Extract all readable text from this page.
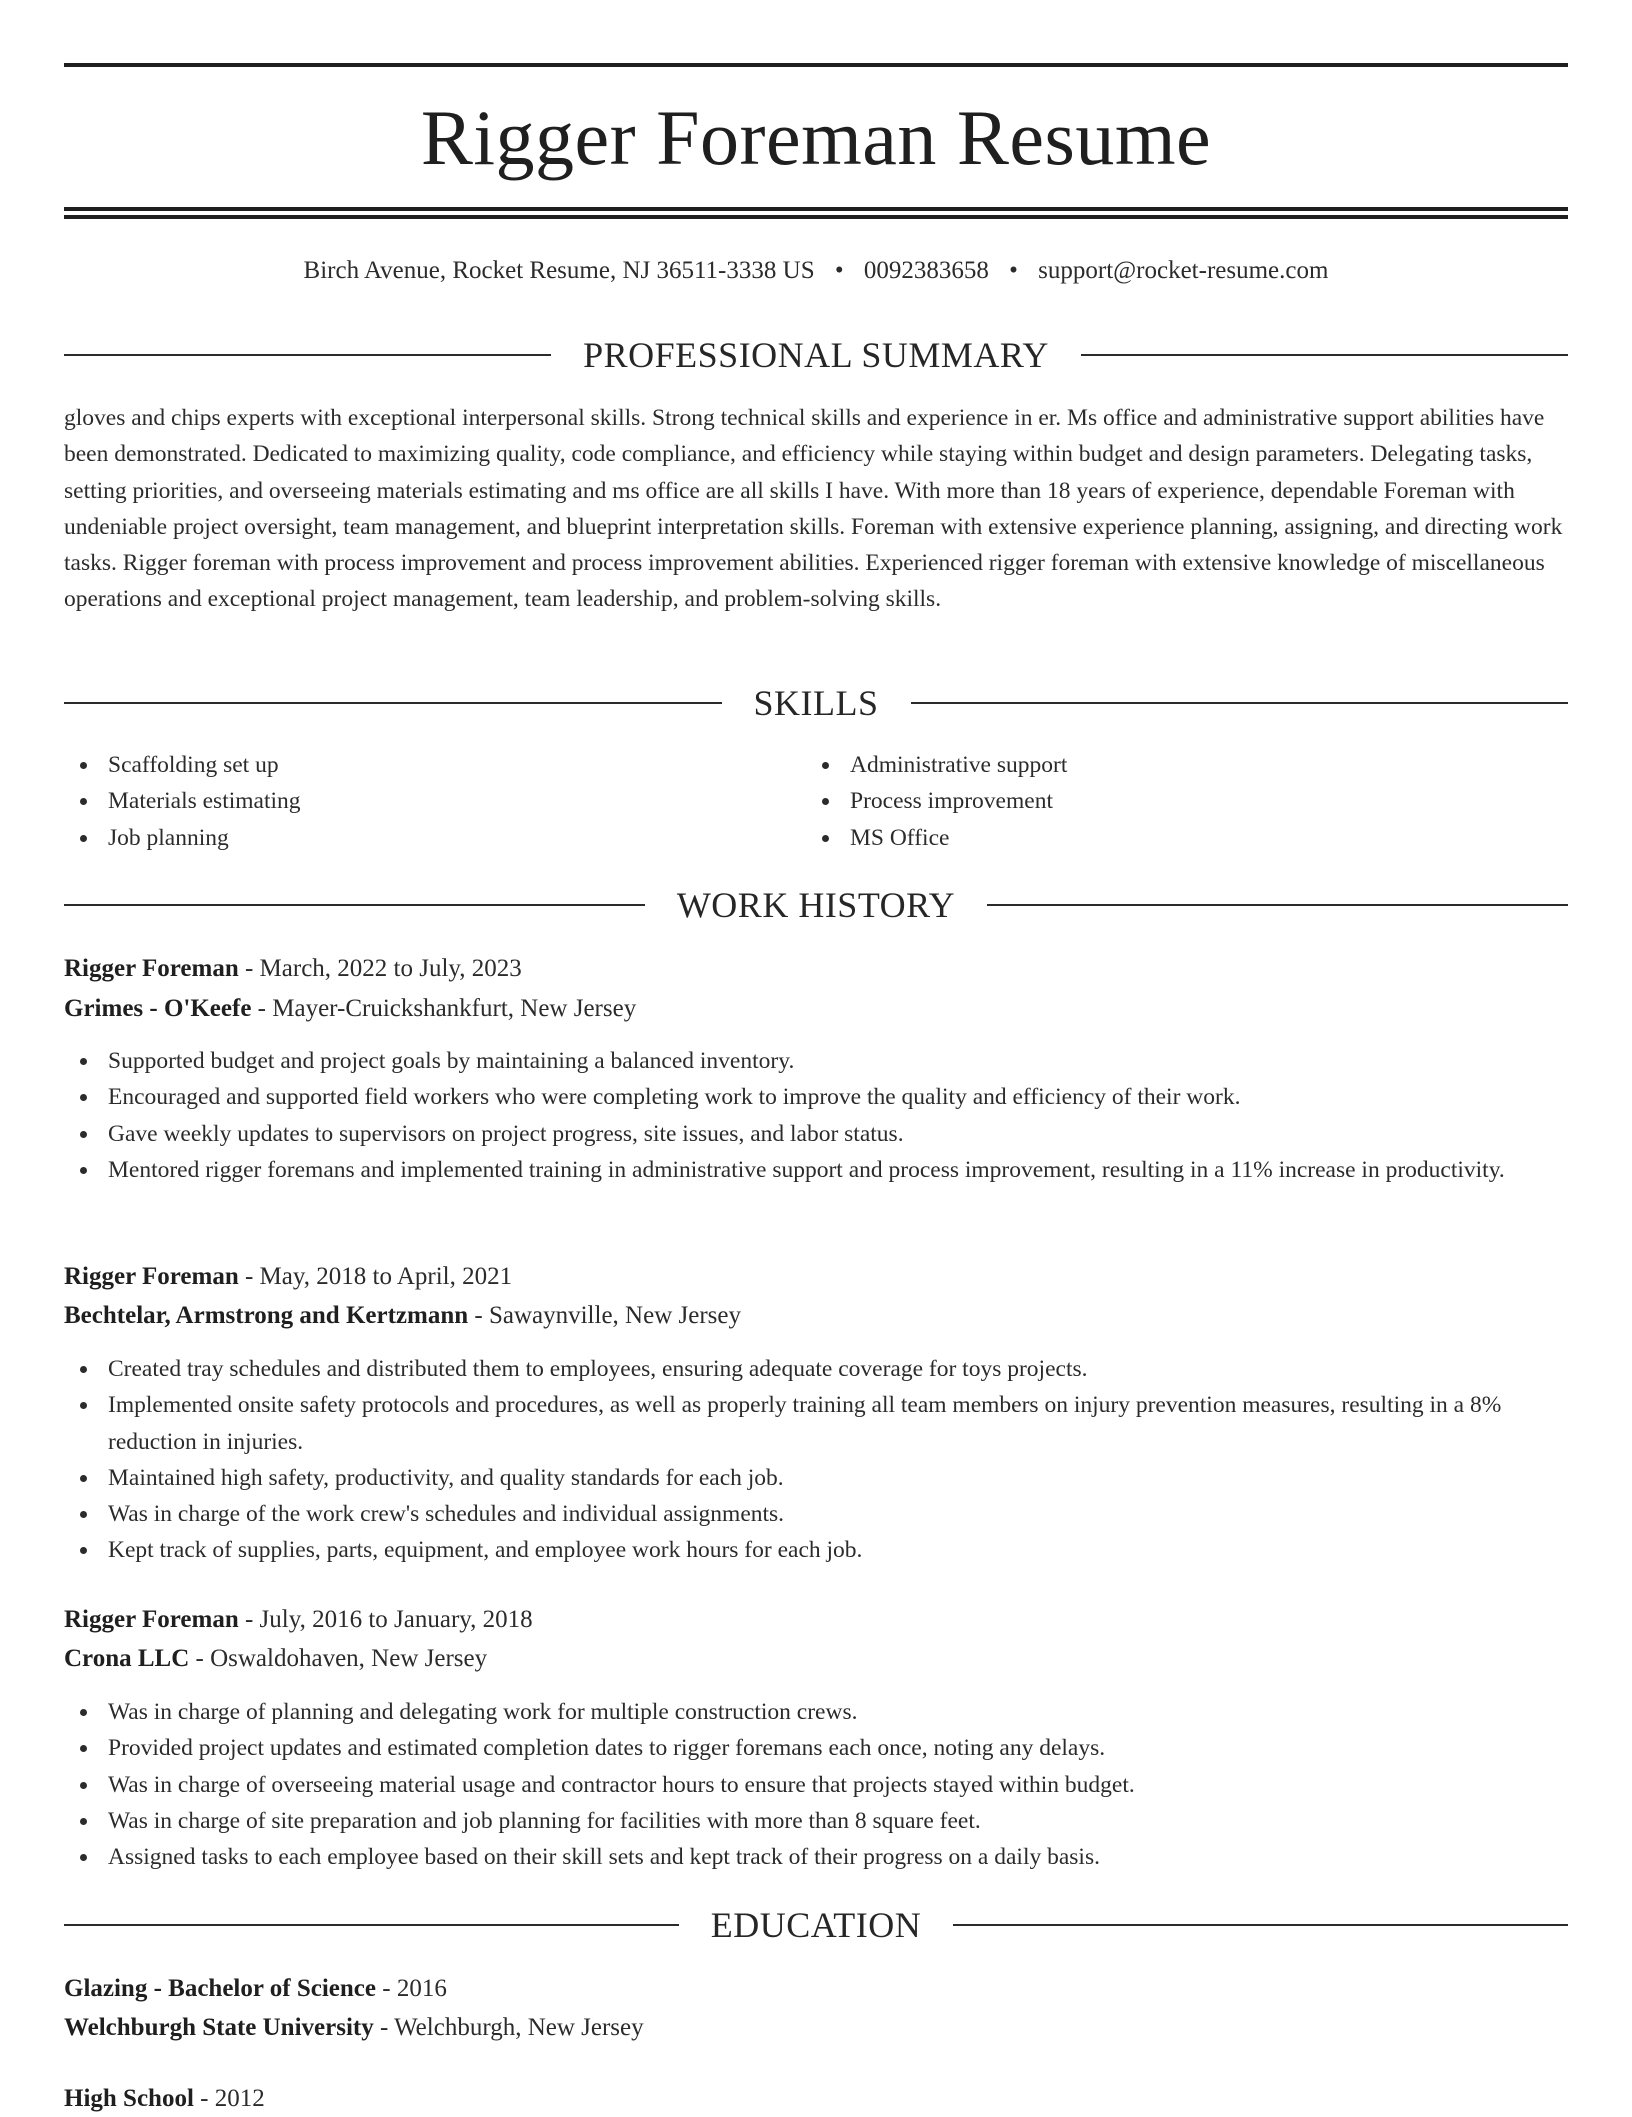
Rigger Foreman Resume
Birch Avenue, Rocket Resume, NJ 36511-3338 US • 0092383658 • support@rocket-resume.com
PROFESSIONAL SUMMARY

gloves and chips experts with exceptional interpersonal skills. Strong technical skills and experience in er. Ms office and administrative support abilities have been demonstrated. Dedicated to maximizing quality, code compliance, and efficiency while staying within budget and design parameters. Delegating tasks, setting priorities, and overseeing materials estimating and ms office are all skills I have. With more than 18 years of experience, dependable Foreman with undeniable project oversight, team management, and blueprint interpretation skills. Foreman with extensive experience planning, assigning, and directing work tasks. Rigger foreman with process improvement and process improvement abilities. Experienced rigger foreman with extensive knowledge of miscellaneous operations and exceptional project management, team leadership, and problem-solving skills.

SKILLS
Scaffolding set up
Materials estimating
Job planning
Administrative support
Process improvement
MS Office
WORK HISTORY
Rigger Foreman - March, 2022 to July, 2023
Grimes - O'Keefe - Mayer-Cruickshankfurt, New Jersey
Supported budget and project goals by maintaining a balanced inventory.
Encouraged and supported field workers who were completing work to improve the quality and efficiency of their work.
Gave weekly updates to supervisors on project progress, site issues, and labor status.
Mentored rigger foremans and implemented training in administrative support and process improvement, resulting in a 11% increase in productivity.
Rigger Foreman - May, 2018 to April, 2021
Bechtelar, Armstrong and Kertzmann - Sawaynville, New Jersey
Created tray schedules and distributed them to employees, ensuring adequate coverage for toys projects.
Implemented onsite safety protocols and procedures, as well as properly training all team members on injury prevention measures, resulting in a 8% reduction in injuries.
Maintained high safety, productivity, and quality standards for each job.
Was in charge of the work crew's schedules and individual assignments.
Kept track of supplies, parts, equipment, and employee work hours for each job.
Rigger Foreman - July, 2016 to January, 2018
Crona LLC - Oswaldohaven, New Jersey
Was in charge of planning and delegating work for multiple construction crews.
Provided project updates and estimated completion dates to rigger foremans each once, noting any delays.
Was in charge of overseeing material usage and contractor hours to ensure that projects stayed within budget.
Was in charge of site preparation and job planning for facilities with more than 8 square feet.
Assigned tasks to each employee based on their skill sets and kept track of their progress on a daily basis.
EDUCATION
Glazing - Bachelor of Science - 2016
Welchburgh State University - Welchburgh, New Jersey
High School - 2012
